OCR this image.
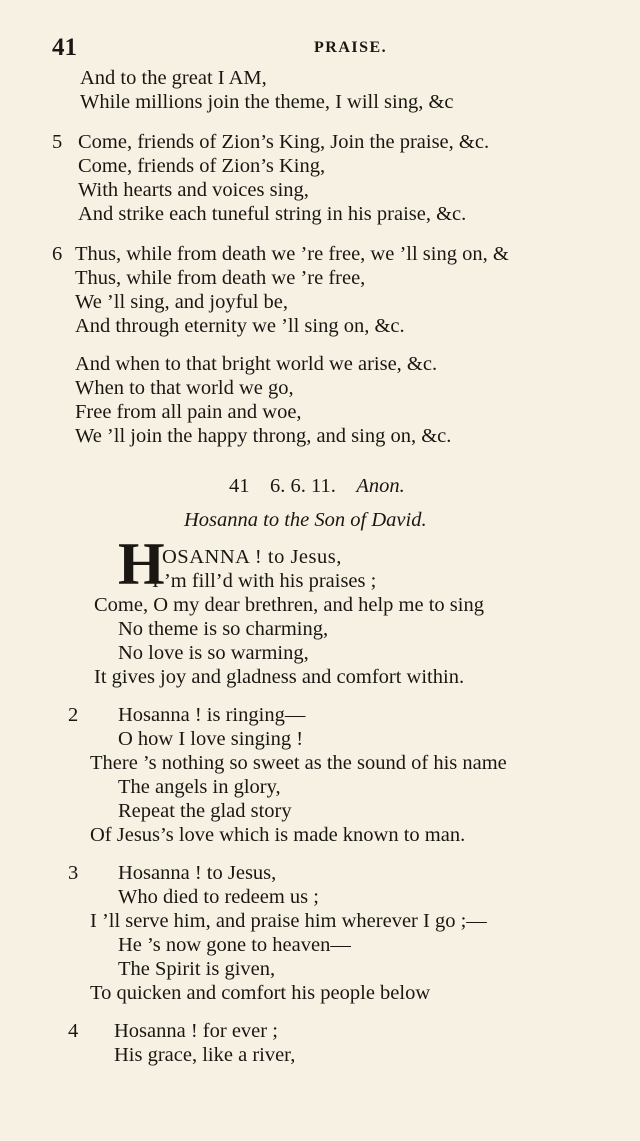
41	PRAISE.
And to the great I AM,
While millions join the theme, I will sing, &c
5 Come, friends of Zion’s King, Join the praise, &c.
Come, friends of Zion’s King,
With hearts and voices sing,
And strike each tuneful string in his praise, &c.
6 Thus, while from death we ’re free, we ’ll sing on, &
Thus, while from death we ’re free,
We ’ll sing, and joyful be,
And through eternity we ’ll sing on, &c.
And when to that bright world we arise, &c.
When to that world we go,
Free from all pain and woe,
We ’ll join the happy throng, and sing on, &c.
41 6. 6. 11. Anon.
Hosanna to the Son of David.
H
OSANNA ! to Jesus,
I ’m fill’d with his praises ;
Come, O my dear brethren, and help me to sing
No theme is so charming,
No love is so warming,
It gives joy and gladness and comfort within.
2 Hosanna ! is ringing—
O how I love singing !
There ’s nothing so sweet as the sound of his name
The angels in glory,
Repeat the glad story
Of Jesus’s love which is made known to man.
3 Hosanna ! to Jesus,
Who died to redeem us ;
I ’ll serve him, and praise him wherever I go ;—
He ’s now gone to heaven—
The Spirit is given,
To quicken and comfort his people below
4 Hosanna ! for ever ;
His grace, like a river,
